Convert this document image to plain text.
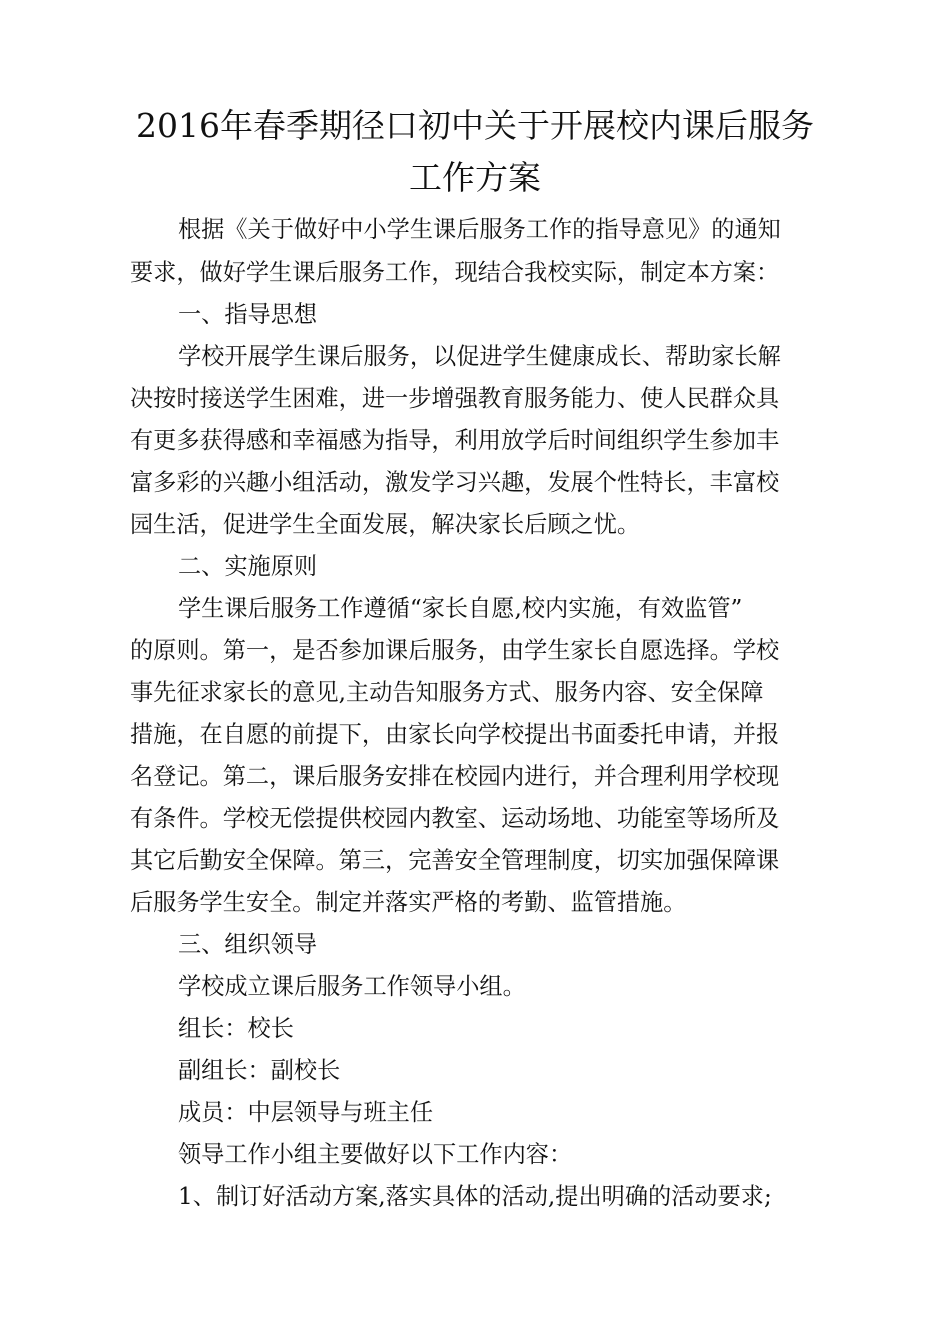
2016年春季期径口初中关于开展校内课后服务
工作方案

根据《关于做好中小学生课后服务工作的指导意见》的通知

要求，做好学生课后服务工作，现结合我校实际，制定本方案：

一、指导思想

学校开展学生课后服务，以促进学生健康成长、帮助家长解

决按时接送学生困难，进一步增强教育服务能力、使人民群众具

有更多获得感和幸福感为指导，利用放学后时间组织学生参加丰

富多彩的兴趣小组活动，激发学习兴趣，发展个性特长，丰富校

园生活，促进学生全面发展，解决家长后顾之忧。

二、实施原则

学生课后服务工作遵循“家长自愿,校内实施，有效监管”

的原则。第一，是否参加课后服务，由学生家长自愿选择。学校

事先征求家长的意见,主动告知服务方式、服务内容、安全保障

措施，在自愿的前提下，由家长向学校提出书面委托申请，并报

名登记。第二，课后服务安排在校园内进行，并合理利用学校现

有条件。学校无偿提供校园内教室、运动场地、功能室等场所及

其它后勤安全保障。第三，完善安全管理制度，切实加强保障课

后服务学生安全。制定并落实严格的考勤、监管措施。

三、组织领导

学校成立课后服务工作领导小组。

组长：校长

副组长：副校长

成员：中层领导与班主任

领导工作小组主要做好以下工作内容：

1、制订好活动方案,落实具体的活动,提出明确的活动要求;
